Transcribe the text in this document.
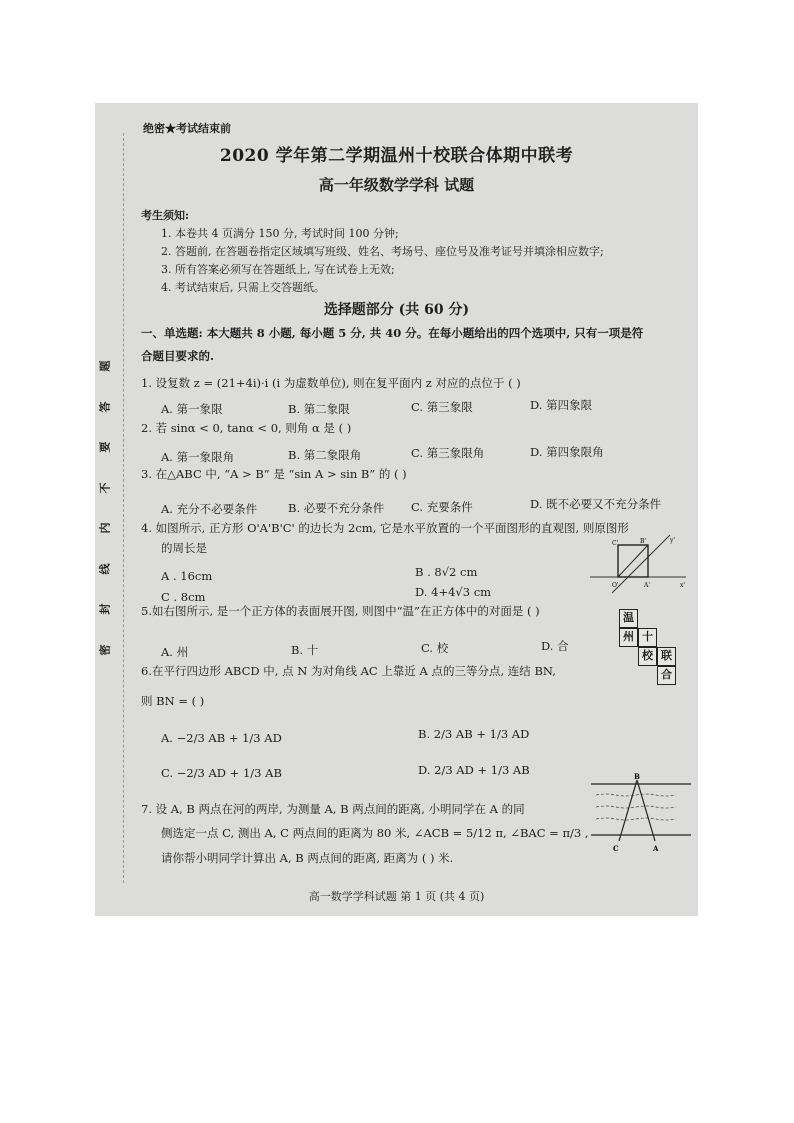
题
答
要
不
内
线
封
密
绝密★考试结束前
2020 学年第二学期温州十校联合体期中联考
高一年级数学学科 试题
考生须知:
1. 本卷共 4 页满分 150 分, 考试时间 100 分钟;
2. 答题前, 在答题卷指定区域填写班级、姓名、考场号、座位号及准考证号并填涂相应数字;
3. 所有答案必须写在答题纸上, 写在试卷上无效;
4. 考试结束后, 只需上交答题纸。
选择题部分 (共 60 分)
一、单选题: 本大题共 8 小题, 每小题 5 分, 共 40 分。在每小题给出的四个选项中, 只有一项是符
合题目要求的.
1. 设复数 z = (21+4i)·i (i 为虚数单位), 则在复平面内 z 对应的点位于 ( )
A. 第一象限	B. 第二象限	C. 第三象限	D. 第四象限
2. 若 sinα < 0, tanα < 0, 则角 α 是 ( )
A. 第一象限角	B. 第二象限角	C. 第三象限角	D. 第四象限角
3. 在△ABC 中, “A > B” 是 “sin A > sin B” 的 ( )
A. 充分不必要条件	B. 必要不充分条件 C. 充要条件	D. 既不必要又不充分条件
4. 如图所示, 正方形 O'A'B'C' 的边长为 2cm, 它是水平放置的一个平面图形的直观图, 则原图形
的周长是
A . 16cm	B . 8√2 cm
C . 8cm	D. 4+4√3 cm
C'	B'	y'
O'	A'	x'
5.如右图所示, 是一个正方体的表面展开图, 则图中“温”在正方体中的对面是 ( )
A. 州	B. 十	C. 校	D. 合
温
州 十
校 联
合
6.在平行四边形 ABCD 中, 点 N 为对角线 AC 上靠近 A 点的三等分点, 连结 BN,
则 BN = ( )
A. −2/3 AB + 1/3 AD	B. 2/3 AB + 1/3 AD
C. −2/3 AD + 1/3 AB	D. 2/3 AD + 1/3 AB
7. 设 A, B 两点在河的两岸, 为测量 A, B 两点间的距离, 小明同学在 A 的同
侧选定一点 C, 测出 A, C 两点间的距离为 80 米, ∠ACB = 5/12 π, ∠BAC = π/3 ,
请你帮小明同学计算出 A, B 两点间的距离, 距离为 ( ) 米.
B
C	A
高一数学学科试题 第 1 页 (共 4 页)
